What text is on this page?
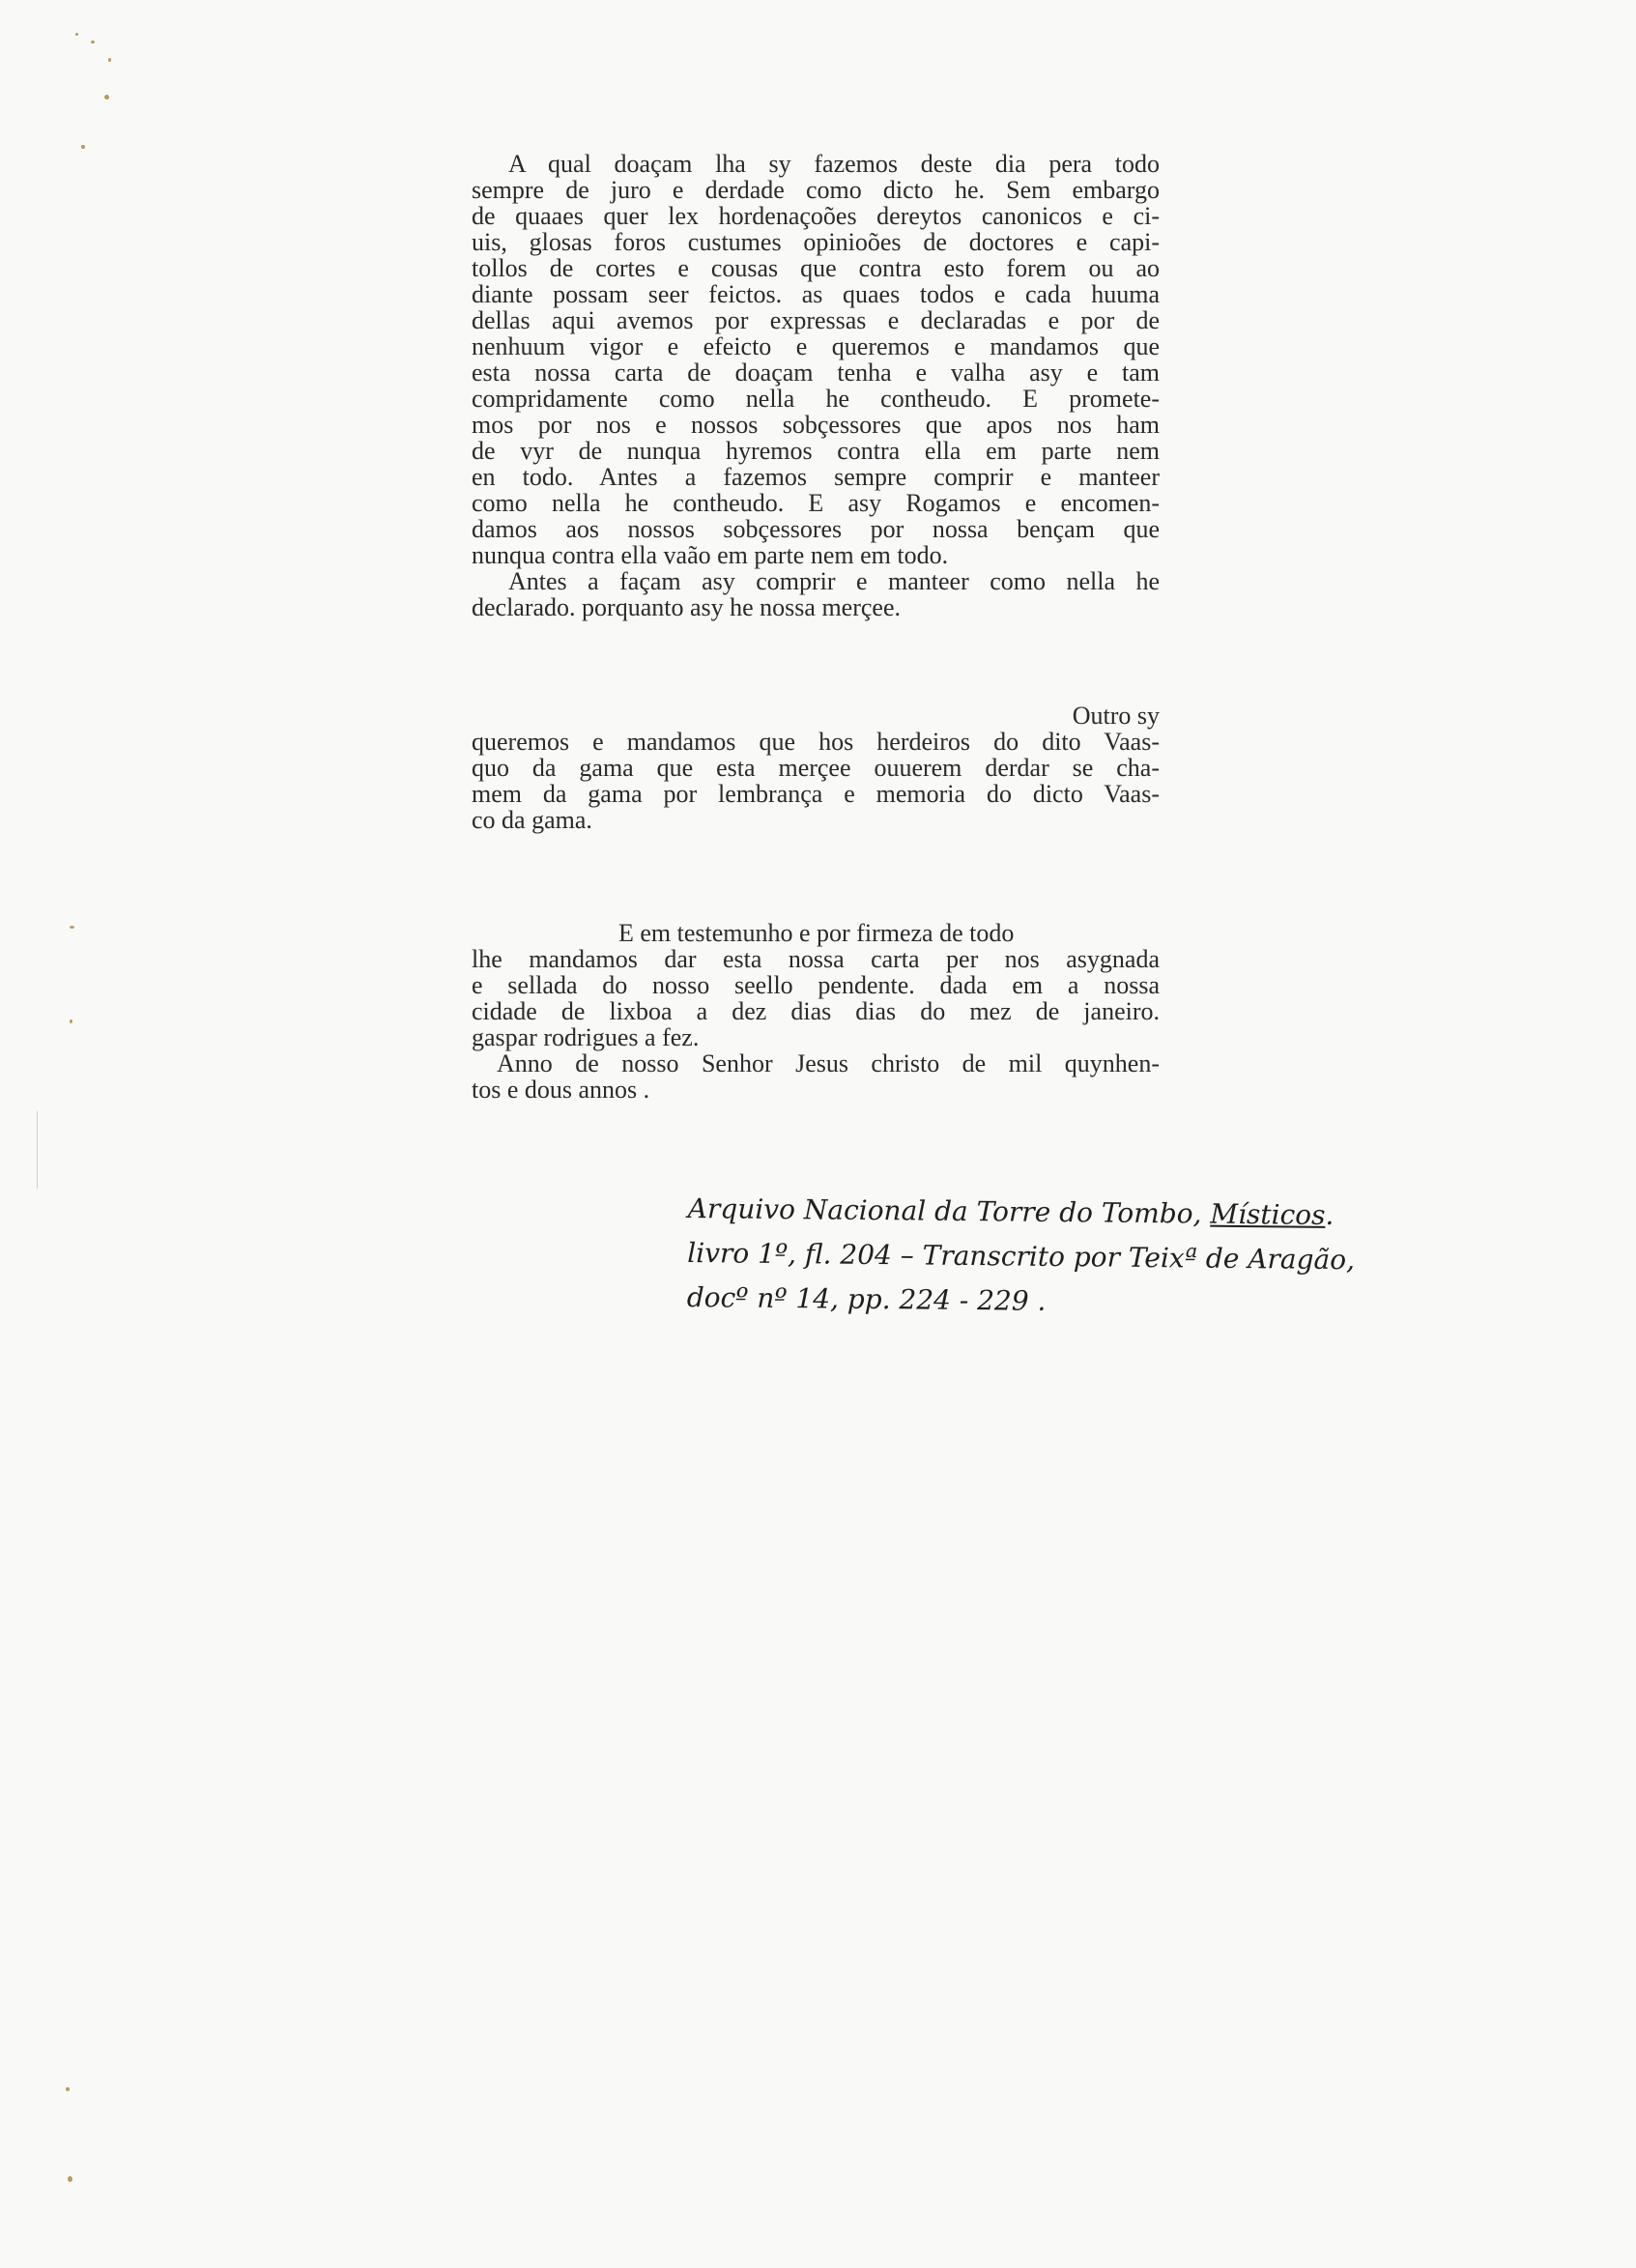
A qual doaçam lha sy fazemos deste dia pera todo
sempre de juro e derdade como dicto he. Sem embargo
de quaaes quer lex hordenaçoões dereytos canonicos e ci-
uis, glosas foros custumes opinioões de doctores e capi-
tollos de cortes e cousas que contra esto forem ou ao
diante possam seer feictos. as quaes todos e cada huuma
dellas aqui avemos por expressas e declaradas e por de
nenhuum vigor e efeicto e queremos e mandamos que
esta nossa carta de doaçam tenha e valha asy e tam
compridamente como nella he contheudo. E promete-
mos por nos e nossos sobçessores que apos nos ham
de vyr de nunqua hyremos contra ella em parte nem
en todo. Antes a fazemos sempre comprir e manteer
como nella he contheudo. E asy Rogamos e encomen-
damos aos nossos sobçessores por nossa bençam que
nunqua contra ella vaão em parte nem em todo.
Antes a façam asy comprir e manteer como nella he
declarado. porquanto asy he nossa merçee.
Outro sy
queremos e mandamos que hos herdeiros do dito Vaas-
quo da gama que esta merçee ouuerem derdar se cha-
mem da gama por lembrança e memoria do dicto Vaas-
co da gama.
E em testemunho e por firmeza de todo
lhe mandamos dar esta nossa carta per nos asygnada
e sellada do nosso seello pendente. dada em a nossa
cidade de lixboa a dez dias dias do mez de janeiro.
gaspar rodrigues a fez.
Anno de nosso Senhor Jesus christo de mil quynhen-
tos e dous annos .
Arquivo Nacional da Torre do Tombo, Místicos.
livro 1º, fl. 204 – Transcrito por Teixª de Aragão,
docº nº 14, pp. 224 - 229 .
